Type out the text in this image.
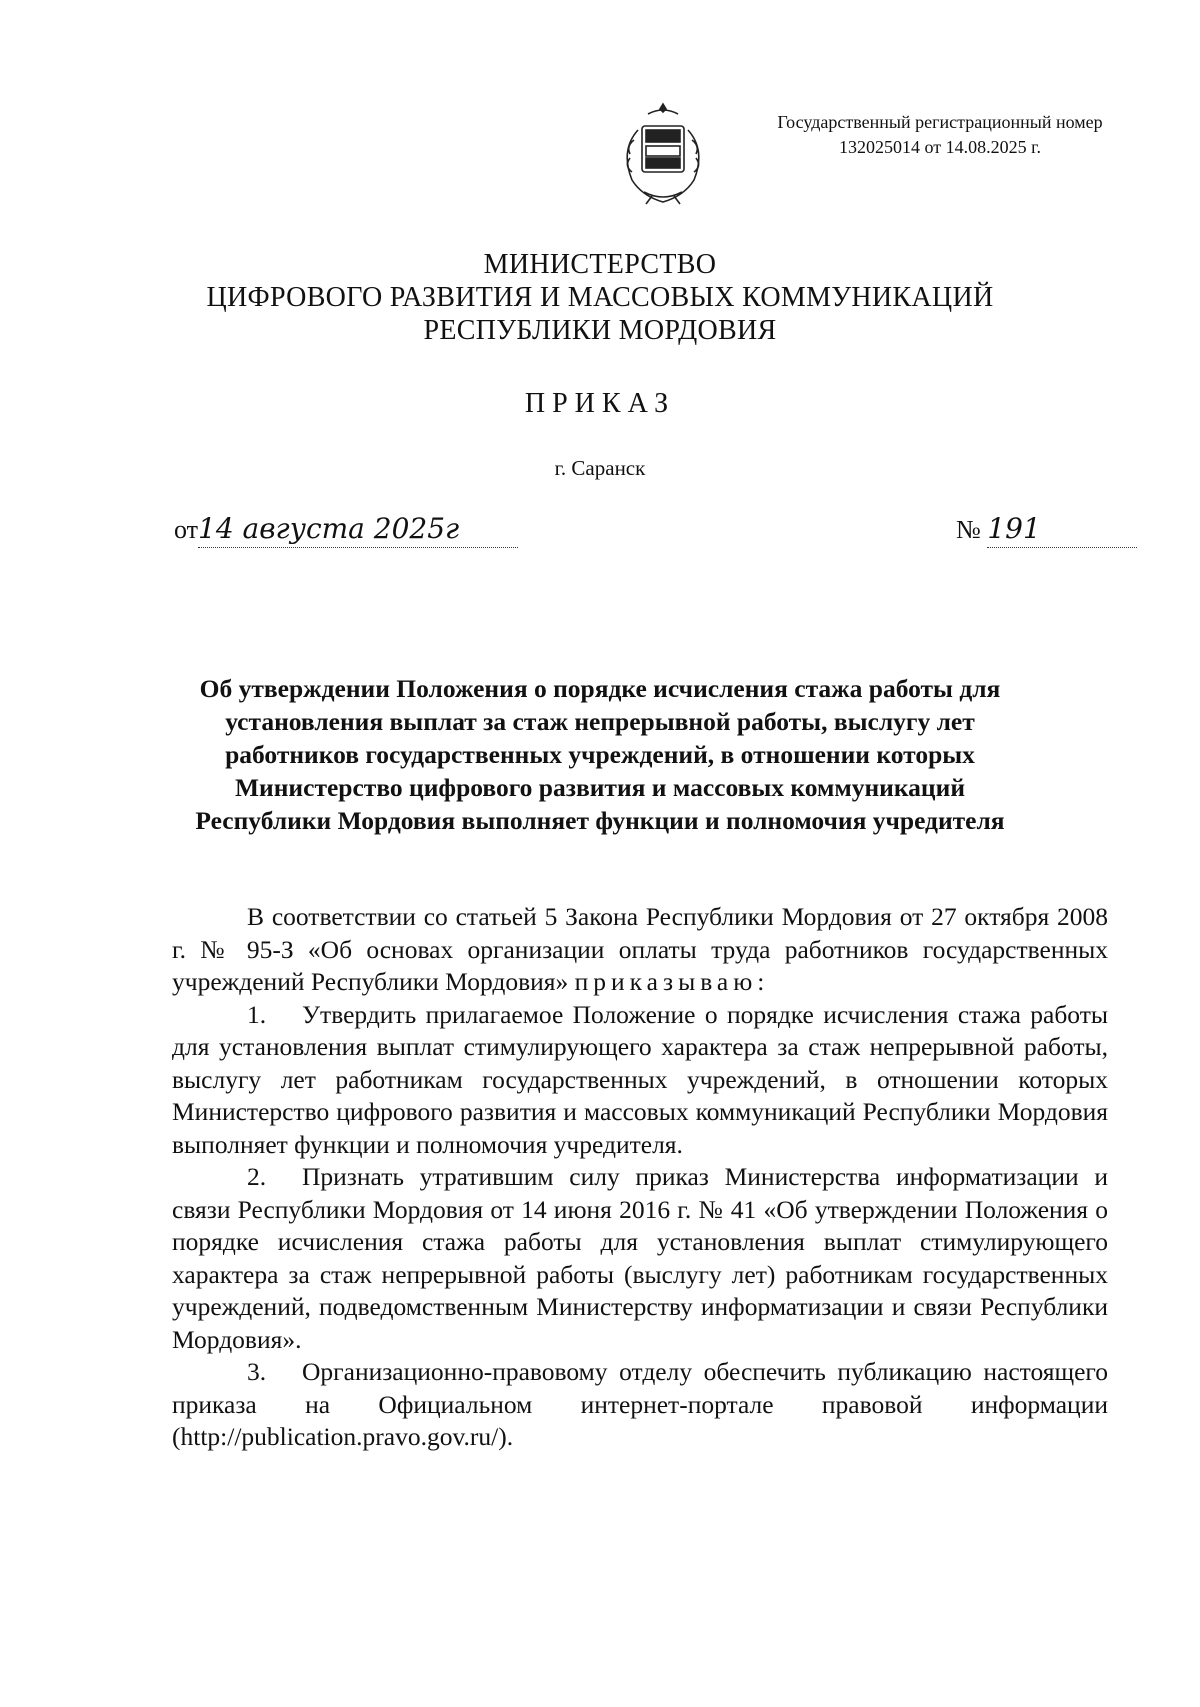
Государственный регистрационный номер
132025014 от 14.08.2025 г.
МИНИСТЕРСТВО
ЦИФРОВОГО РАЗВИТИЯ И МАССОВЫХ КОММУНИКАЦИЙ
РЕСПУБЛИКИ МОРДОВИЯ
ПРИКАЗ
г. Саранск
от14 августа 2025г	№ 191
Об утверждении Положения о порядке исчисления стажа работы для установления выплат за стаж непрерывной работы, выслугу лет работников государственных учреждений, в отношении которых Министерство цифрового развития и массовых коммуникаций Республики Мордовия выполняет функции и полномочия учредителя

В соответствии со статьей 5 Закона Республики Мордовия от 27 октября 2008 г. № 95-З «Об основах организации оплаты труда работников государственных учреждений Республики Мордовия» приказываю:

1. Утвердить прилагаемое Положение о порядке исчисления стажа работы для установления выплат стимулирующего характера за стаж непрерывной работы, выслугу лет работникам государственных учреждений, в отношении которых Министерство цифрового развития и массовых коммуникаций Республики Мордовия выполняет функции и полномочия учредителя.

2. Признать утратившим силу приказ Министерства информатизации и связи Республики Мордовия от 14 июня 2016 г. № 41 «Об утверждении Положения о порядке исчисления стажа работы для установления выплат стимулирующего характера за стаж непрерывной работы (выслугу лет) работникам государственных учреждений, подведомственным Министерству информатизации и связи Республики Мордовия».

3. Организационно-правовому отделу обеспечить публикацию настоящего приказа на Официальном интернет-портале правовой информации (http://publication.pravo.gov.ru/).
